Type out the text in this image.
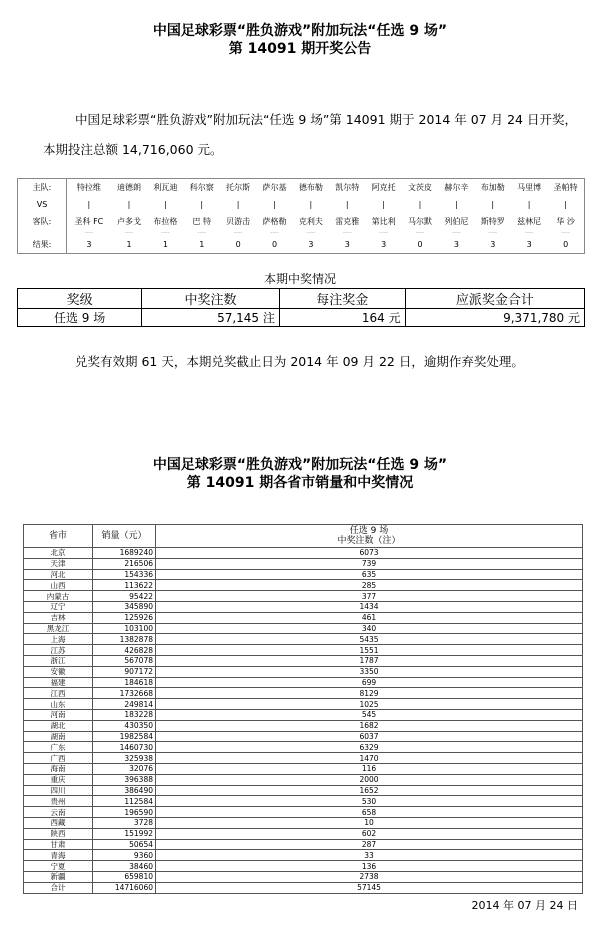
中国足球彩票“胜负游戏”附加玩法“任选 9 场”
第 14091 期开奖公告
中国足球彩票“胜负游戏”附加玩法“任选 9 场”第 14091 期于 2014 年 07 月 24 日开奖，
本期投注总额 14,716,060 元。
主队:	特拉维	迪德朗	利瓦迪	科尔察	托尔斯	萨尔基	德布勒	凯尔特	阿克托	文茨皮	赫尔辛	布加勒	马里博	圣帕特
VS	|	|	|	|	|	|	|	|	|	|	|	|	|	|
客队:	圣科 FC	卢多戈	布拉格	巴 特	贝游击	萨格勒	克利夫	雷克雅	第比利	马尔默	列伯尼	斯特罗	兹林尼	华 沙
	----	----	----	----	----	----	----	----	----	----	----	----	----	----
结果:	3	1	1	1	0	0	3	3	3	0	3	3	3	0
本期中奖情况
奖级	中奖注数	每注奖金	应派奖金合计
任选 9 场	57,145 注	164 元	9,371,780 元
兑奖有效期 61 天，本期兑奖截止日为 2014 年 09 月 22 日，逾期作弃奖处理。
中国足球彩票“胜负游戏”附加玩法“任选 9 场”
第 14091 期各省市销量和中奖情况
省市	销量（元）	任选 9 场
中奖注数（注）
北京	1689240	6073
天津	216506	739
河北	154336	635
山西	113622	285
内蒙古	95422	377
辽宁	345890	1434
吉林	125926	461
黑龙江	103100	340
上海	1382878	5435
江苏	426828	1551
浙江	567078	1787
安徽	907172	3350
福建	184618	699
江西	1732668	8129
山东	249814	1025
河南	183228	545
湖北	430350	1682
湖南	1982584	6037
广东	1460730	6329
广西	325938	1470
海南	32076	116
重庆	396388	2000
四川	386490	1652
贵州	112584	530
云南	196590	658
西藏	3728	10
陕西	151992	602
甘肃	50654	287
青海	9360	33
宁夏	38460	136
新疆	659810	2738
合计	14716060	57145
2014 年 07 月 24 日
